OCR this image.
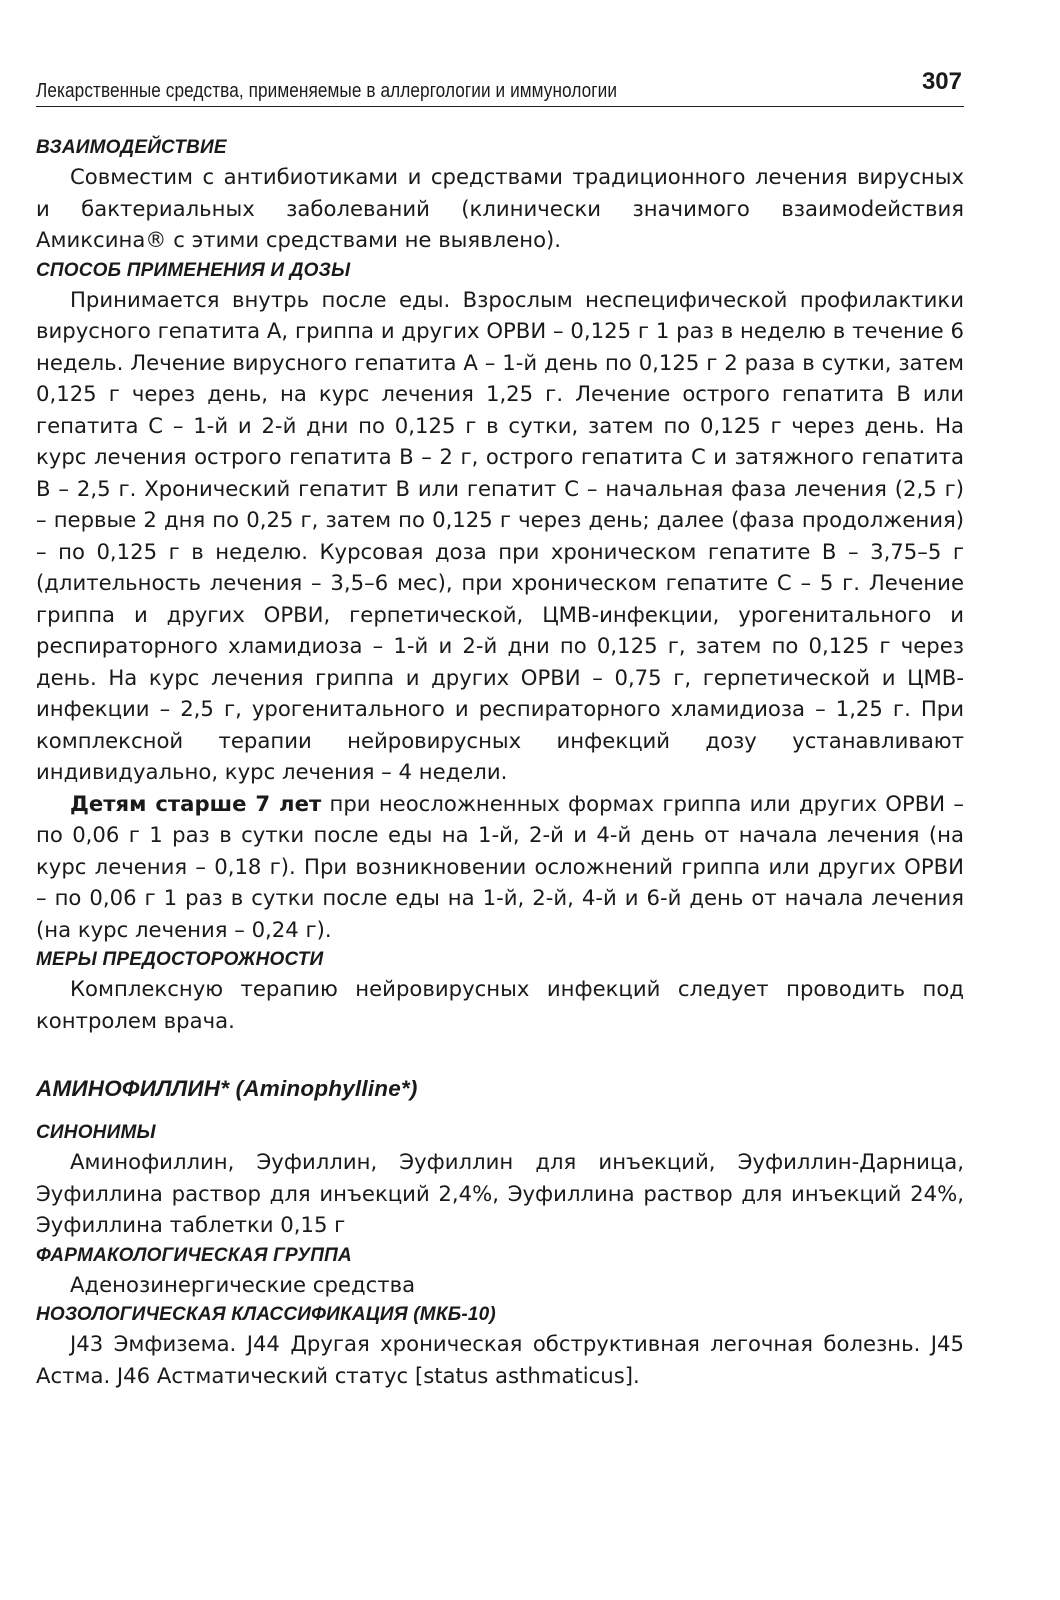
Лекарственные средства, применяемые в аллергологии и иммунологии	307
ВЗАИМОДЕЙСТВИЕ

Совместим с антибиотиками и средствами традиционного лечения вирусных и бактериальных заболеваний (клинически значимого взаимоdействия Амиксина® с этими средствами не выявлено).

СПОСОБ ПРИМЕНЕНИЯ И ДОЗЫ

Принимается внутрь после еды. Взрослым неспецифической профилактики вирусного гепатита А, гриппа и других ОРВИ – 0,125 г 1 раз в неделю в течение 6 недель. Лечение вирусного гепатита А – 1-й день по 0,125 г 2 раза в сутки, затем 0,125 г через день, на курс лечения 1,25 г. Лечение острого гепатита В или гепатита С – 1-й и 2-й дни по 0,125 г в сутки, затем по 0,125 г через день. На курс лечения острого гепатита В – 2 г, острого гепатита С и затяжного гепатита В – 2,5 г. Хронический гепатит В или гепатит С – начальная фаза лечения (2,5 г) – первые 2 дня по 0,25 г, затем по 0,125 г через день; далее (фаза продолжения) – по 0,125 г в неделю. Курсовая доза при хроническом гепатите В – 3,75–5 г (длительность лечения – 3,5–6 мес), при хроническом гепатите С – 5 г. Лечение гриппа и других ОРВИ, герпетической, ЦМВ-инфекции, урогенитального и респираторного хламидиоза – 1-й и 2-й дни по 0,125 г, затем по 0,125 г через день. На курс лечения гриппа и других ОРВИ – 0,75 г, герпетической и ЦМВ-инфекции – 2,5 г, урогенитального и респираторного хламидиоза – 1,25 г. При комплексной терапии нейровирусных инфекций дозу устанавливают индивидуально, курс лечения – 4 недели.

Детям старше 7 лет при неосложненных формах гриппа или других ОРВИ – по 0,06 г 1 раз в сутки после еды на 1-й, 2-й и 4-й день от начала лечения (на курс лечения – 0,18 г). При возникновении осложнений гриппа или других ОРВИ – по 0,06 г 1 раз в сутки после еды на 1-й, 2-й, 4-й и 6-й день от начала лечения (на курс лечения – 0,24 г).

МЕРЫ ПРЕДОСТОРОЖНОСТИ

Комплексную терапию нейровирусных инфекций следует проводить под контролем врача.

АМИНОФИЛЛИН* (Aminophylline*)
СИНОНИМЫ

Аминофиллин, Эуфиллин, Эуфиллин для инъекций, Эуфиллин-Дарница, Эуфиллина раствор для инъекций 2,4%, Эуфиллина раствор для инъекций 24%, Эуфиллина таблетки 0,15 г

ФАРМАКОЛОГИЧЕСКАЯ ГРУППА

Аденозинергические средства

НОЗОЛОГИЧЕСКАЯ КЛАССИФИКАЦИЯ (МКБ-10)

J43 Эмфизема. J44 Другая хроническая обструктивная легочная болезнь. J45 Астма. J46 Астматический статус [status asthmaticus].
